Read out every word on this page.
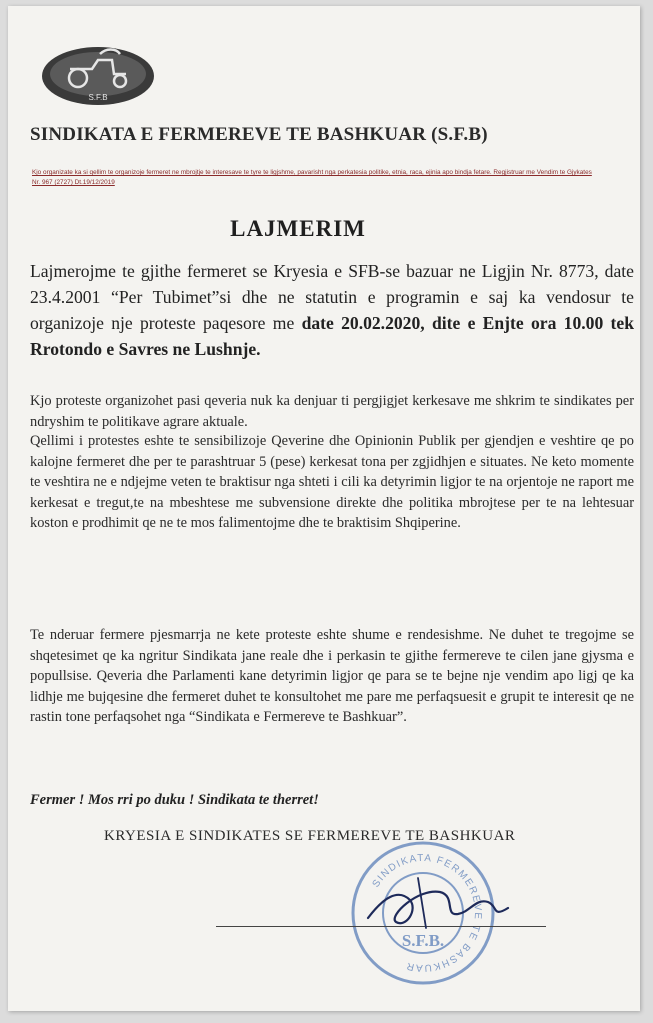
S.F.B
SINDIKATA E FERMEREVE TE BASHKUAR (S.F.B)
Kjo organizate ka si qellim te organizoje fermeret ne mbrojtje te interesave te tyre te ligjshme, pavarisht nga perkatesia politike, etnia, raca, ejinia apo bindja fetare. Regjistruar me Vendim te Gjykates Nr. 967 (2727) Dt.19/12/2019
LAJMERIM

Lajmerojme te gjithe fermeret se Kryesia e SFB-se bazuar ne Ligjin Nr. 8773, date 23.4.2001 “Per Tubimet”si dhe ne statutin e programin e saj ka vendosur te organizoje nje proteste paqesore me date 20.02.2020, dite e Enjte ora 10.00 tek Rrotondo e Savres ne Lushnje.

Kjo proteste organizohet pasi qeveria nuk ka denjuar ti pergjigjet kerkesave me shkrim te sindikates per ndryshim te politikave agrare aktuale.

Qellimi i protestes eshte te sensibilizoje Qeverine dhe Opinionin Publik per gjendjen e veshtire qe po kalojne fermeret dhe per te parashtruar 5 (pese) kerkesat tona per zgjidhjen e situates. Ne keto momente te veshtira ne e ndjejme veten te braktisur nga shteti i cili ka detyrimin ligjor te na orjentoje ne raport me kerkesat e tregut,te na mbeshtese me subvensione direkte dhe politika mbrojtese per te na lehtesuar koston e prodhimit qe ne te mos falimentojme dhe te braktisim Shqiperine.

Te nderuar fermere pjesmarrja ne kete proteste eshte shume e rendesishme. Ne duhet te tregojme se shqetesimet qe ka ngritur Sindikata jane reale dhe i perkasin te gjithe fermereve te cilen jane gjysma e popullsise. Qeveria dhe Parlamenti kane detyrimin ligjor qe para se te bejne nje vendim apo ligj qe ka lidhje me bujqesine dhe fermeret duhet te konsultohet me pare me perfaqsuesit e grupit te interesit qe ne rastin tone perfaqsohet nga “Sindikata e Fermereve te Bashkuar”.

Fermer ! Mos rri po duku ! Sindikata te therret!

KRYESIA E SINDIKATES SE FERMEREVE TE BASHKUAR

SINDIKATA FERMEREVE TE BASHKUAR
S.F.B.
